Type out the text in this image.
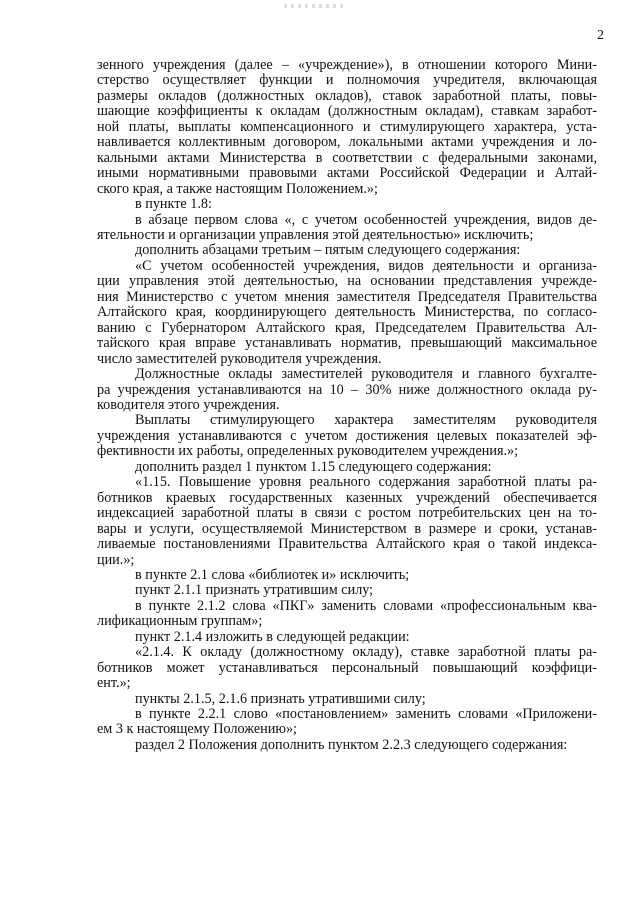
2
зенного учреждения (далее – «учреждение»), в отношении которого Мини-
стерство осуществляет функции и полномочия учредителя, включающая
размеры окладов (должностных окладов), ставок заработной платы, повы-
шающие коэффициенты к окладам (должностным окладам), ставкам заработ-
ной платы, выплаты компенсационного и стимулирующего характера, уста-
навливается коллективным договором, локальными актами учреждения и ло-
кальными актами Министерства в соответствии с федеральными законами,
иными нормативными правовыми актами Российской Федерации и Алтай-
ского края, а также настоящим Положением.»;
в пункте 1.8:
в абзаце первом слова «, с учетом особенностей учреждения, видов де-
ятельности и организации управления этой деятельностью» исключить;
дополнить абзацами третьим – пятым следующего содержания:
«С учетом особенностей учреждения, видов деятельности и организа-
ции управления этой деятельностью, на основании представления учрежде-
ния Министерство с учетом мнения заместителя Председателя Правительства
Алтайского края, координирующего деятельность Министерства, по согласо-
ванию с Губернатором Алтайского края, Председателем Правительства Ал-
тайского края вправе устанавливать норматив, превышающий максимальное
число заместителей руководителя учреждения.
Должностные оклады заместителей руководителя и главного бухгалте-
ра учреждения устанавливаются на 10 – 30% ниже должностного оклада ру-
ководителя этого учреждения.
Выплаты стимулирующего характера заместителям руководителя
учреждения устанавливаются с учетом достижения целевых показателей эф-
фективности их работы, определенных руководителем учреждения.»;
дополнить раздел 1 пунктом 1.15 следующего содержания:
«1.15. Повышение уровня реального содержания заработной платы ра-
ботников краевых государственных казенных учреждений обеспечивается
индексацией заработной платы в связи с ростом потребительских цен на то-
вары и услуги, осуществляемой Министерством в размере и сроки, устанав-
ливаемые постановлениями Правительства Алтайского края о такой индекса-
ции.»;
в пункте 2.1 слова «библиотек и» исключить;
пункт 2.1.1 признать утратившим силу;
в пункте 2.1.2 слова «ПКГ» заменить словами «профессиональным ква-
лификационным группам»;
пункт 2.1.4 изложить в следующей редакции:
«2.1.4. К окладу (должностному окладу), ставке заработной платы ра-
ботников может устанавливаться персональный повышающий коэффици-
ент.»;
пункты 2.1.5, 2.1.6 признать утратившими силу;
в пункте 2.2.1 слово «постановлением» заменить словами «Приложени-
ем 3 к настоящему Положению»;
раздел 2 Положения дополнить пунктом 2.2.3 следующего содержания:
